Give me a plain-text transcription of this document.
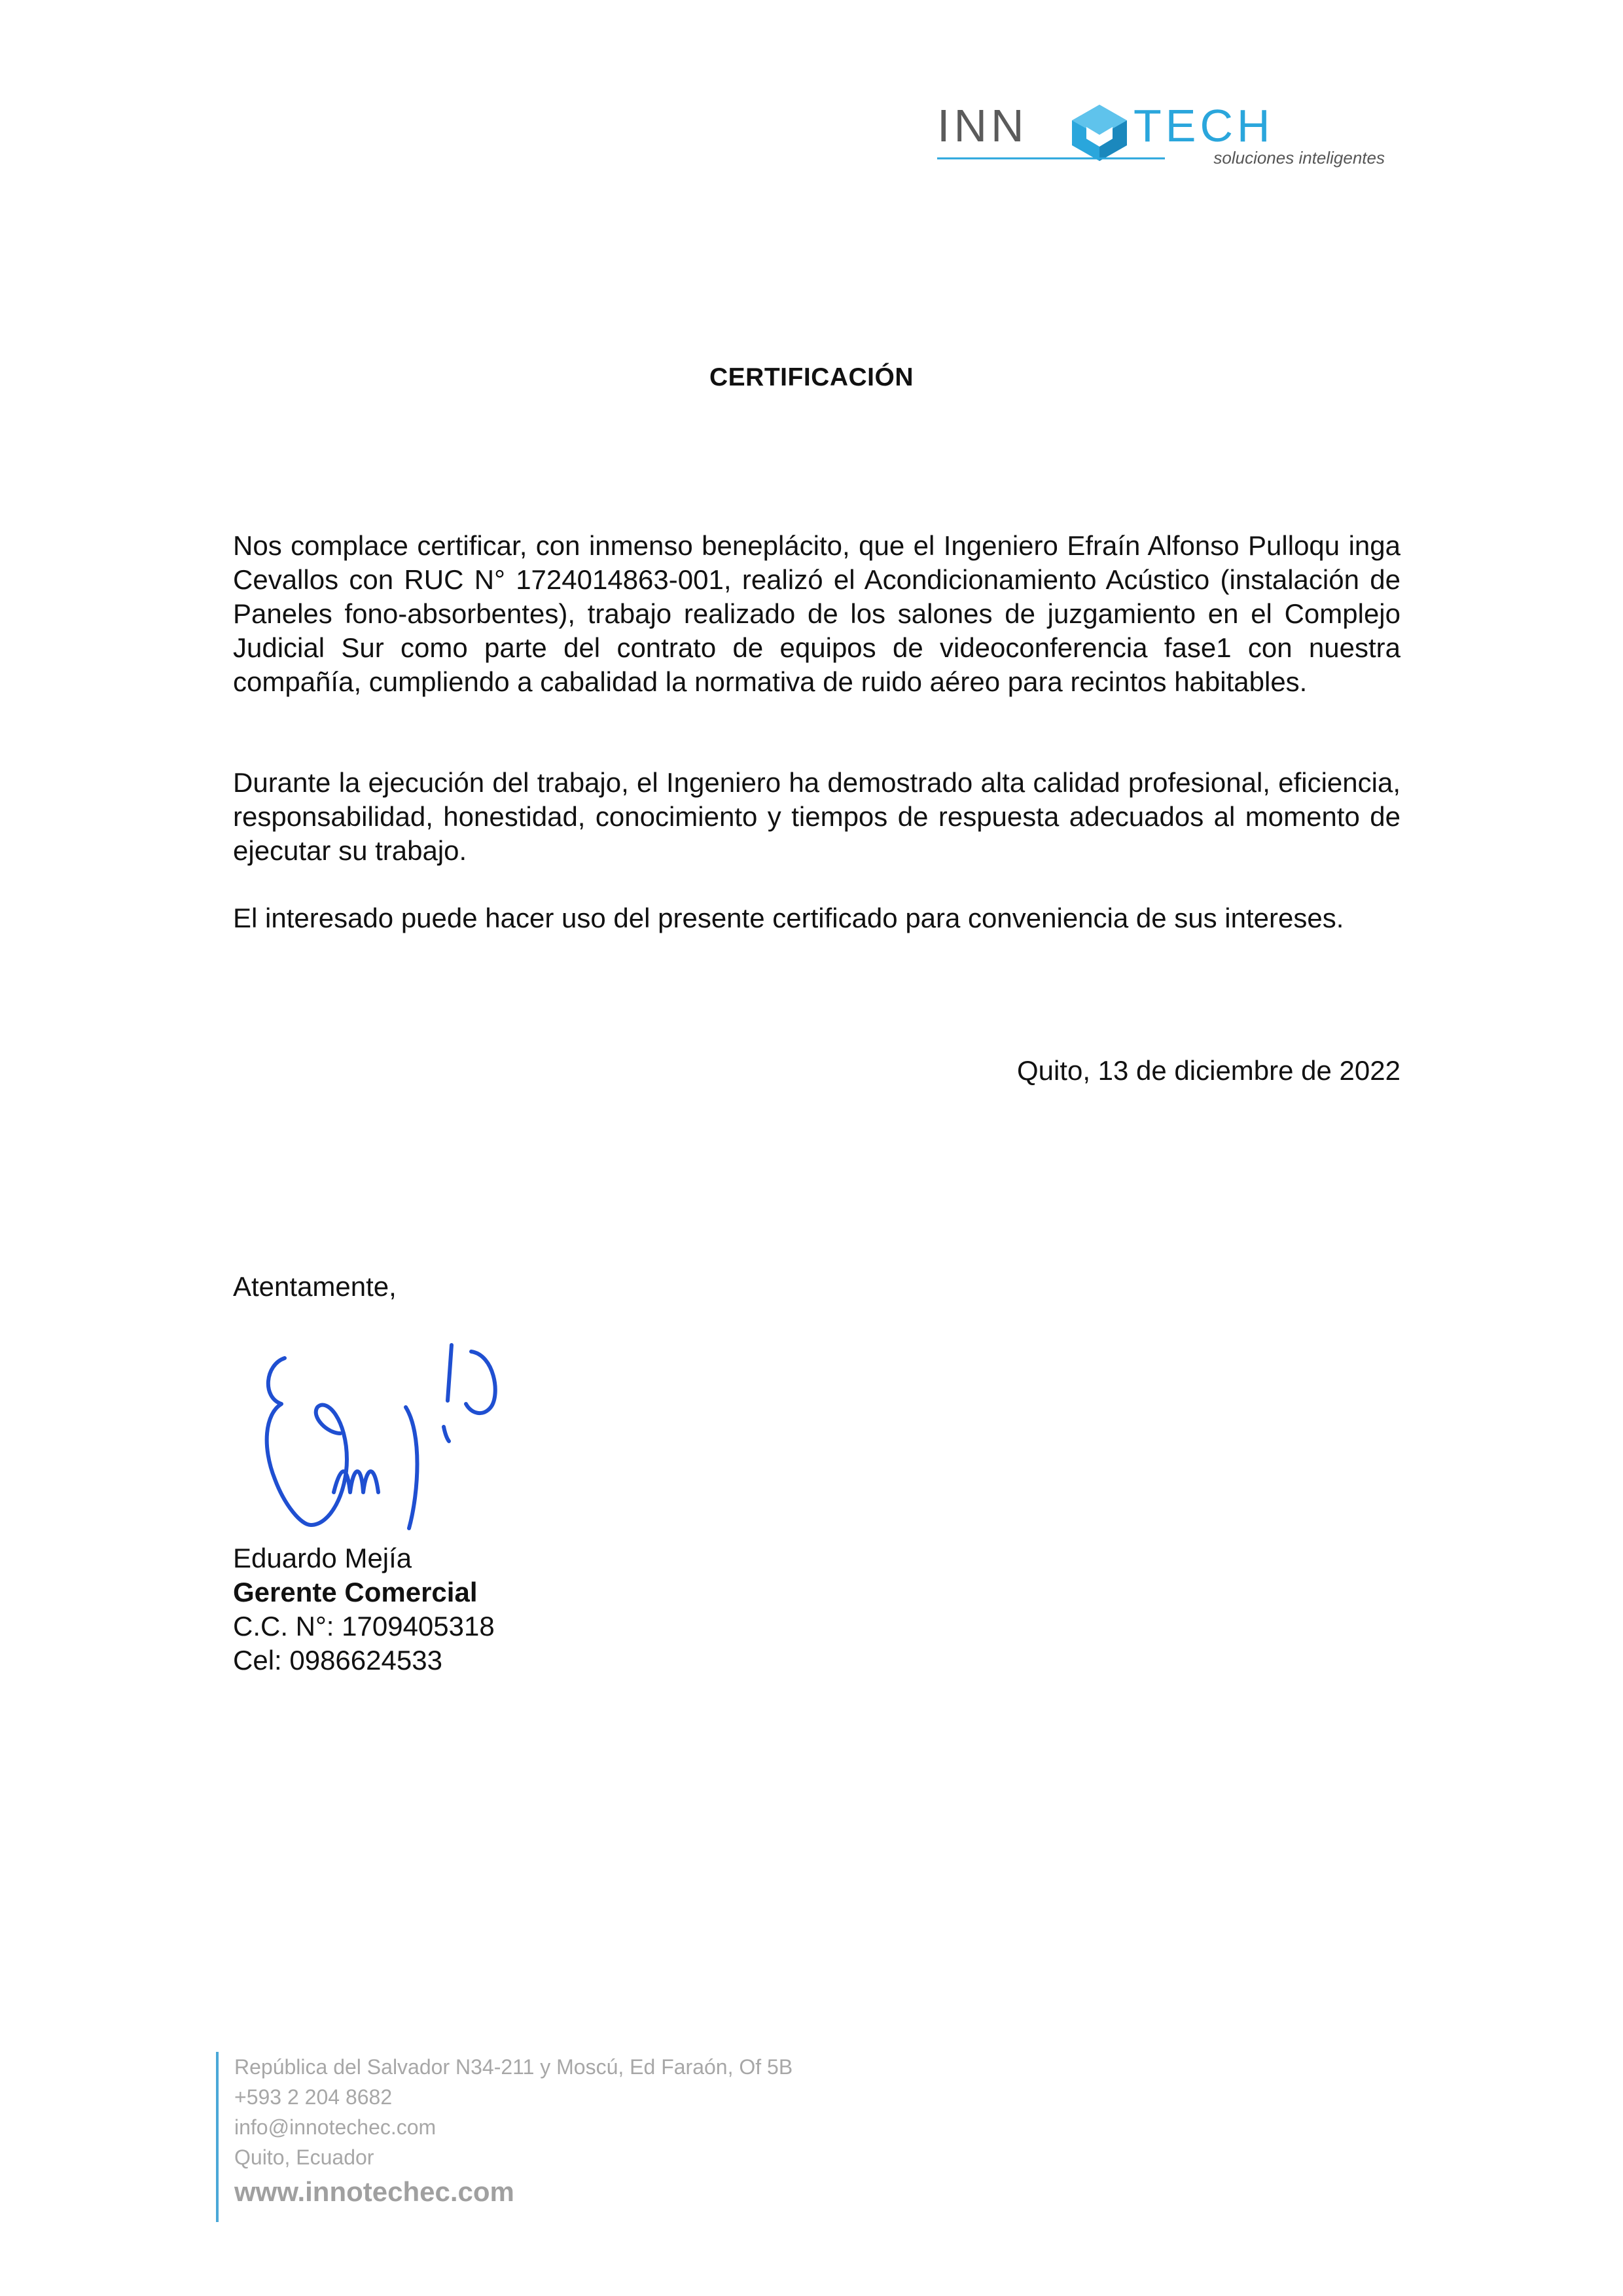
INN TECH
soluciones inteligentes
CERTIFICACIÓN

Nos complace certificar, con inmenso beneplácito, que el Ingeniero Efraín Alfonso Pulloqu inga Cevallos con RUC N° 1724014863-001, realizó el Acondicionamiento Acústico (instalación de Paneles fono-absorbentes), trabajo realizado de los salones de juzgamiento en el Complejo Judicial Sur como parte del contrato de equipos de videoconferencia fase1 con nuestra compañía, cumpliendo a cabalidad la normativa de ruido aéreo para recintos habitables.

Durante la ejecución del trabajo, el Ingeniero ha demostrado alta calidad profesional, eficiencia, responsabilidad, honestidad, conocimiento y tiempos de respuesta adecuados al momento de ejecutar su trabajo.

El interesado puede hacer uso del presente certificado para conveniencia de sus intereses.

Quito, 13 de diciembre de 2022
Atentamente,
Eduardo Mejía
Gerente Comercial
C.C. N°: 1709405318
Cel: 0986624533
República del Salvador N34-211 y Moscú, Ed Faraón, Of 5B
+593 2 204 8682
info@innotechec.com
Quito, Ecuador
www.innotechec.com
